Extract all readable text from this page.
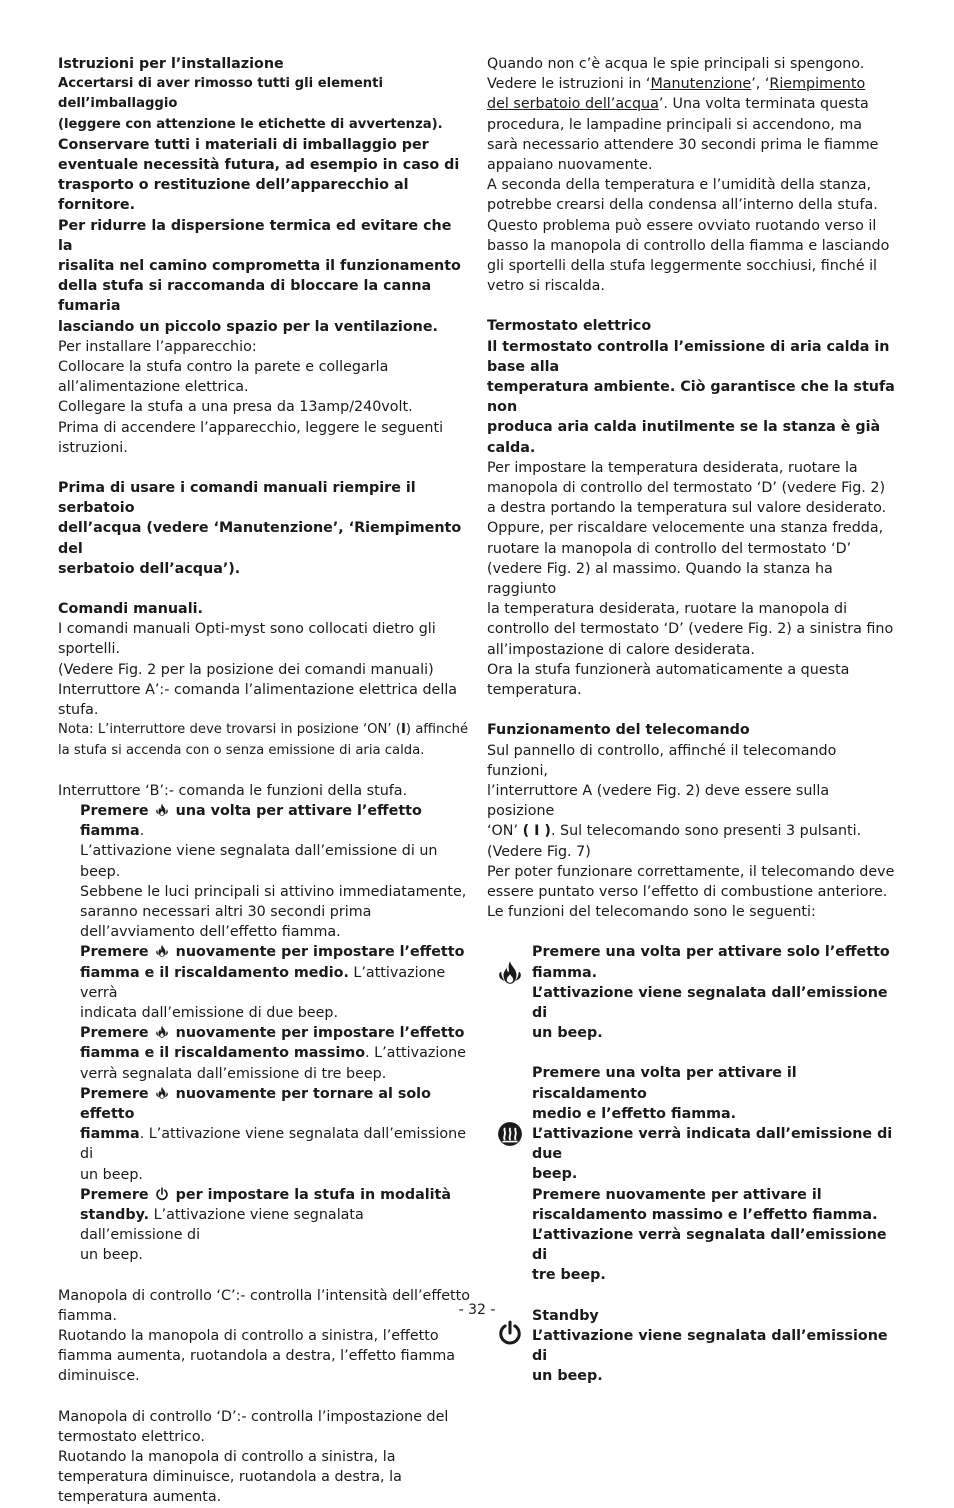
Istruzioni per l’installazione

Accertarsi di aver rimosso tutti gli elementi dell’imballaggio

(leggere con attenzione le etichette di avvertenza).

Conservare tutti i materiali di imballaggio per

eventuale necessità futura, ad esempio in caso di

trasporto o restituzione dell’apparecchio al fornitore.

Per ridurre la dispersione termica ed evitare che la

risalita nel camino comprometta il funzionamento

della stufa si raccomanda di bloccare la canna fumaria

lasciando un piccolo spazio per la ventilazione.

Per installare l’apparecchio:

Collocare la stufa contro la parete e collegarla

all’alimentazione elettrica.

Collegare la stufa a una presa da 13amp/240volt.

Prima di accendere l’apparecchio, leggere le seguenti

istruzioni.

Prima di usare i comandi manuali riempire il serbatoio

dell’acqua (vedere ‘Manutenzione’, ‘Riempimento del

serbatoio dell’acqua’).

Comandi manuali.

I comandi manuali Opti-myst sono collocati dietro gli

sportelli.

(Vedere Fig. 2 per la posizione dei comandi manuali)

Interruttore A’:- comanda l’alimentazione elettrica della

stufa.

Nota: L’interruttore deve trovarsi in posizione ‘ON’ (I) affinché

la stufa si accenda con o senza emissione di aria calda.

Interruttore ‘B’:- comanda le funzioni della stufa.

Premere una volta per attivare l’effetto fiamma.

L’attivazione viene segnalata dall’emissione di un beep.

Sebbene le luci principali si attivino immediatamente,

saranno necessari altri 30 secondi prima

dell’avviamento dell’effetto fiamma.

Premere nuovamente per impostare l’effetto

fiamma e il riscaldamento medio. L’attivazione verrà

indicata dall’emissione di due beep.

Premere nuovamente per impostare l’effetto

fiamma e il riscaldamento massimo. L’attivazione

verrà segnalata dall’emissione di tre beep.

Premere nuovamente per tornare al solo effetto

fiamma. L’attivazione viene segnalata dall’emissione di

un beep.

Premere per impostare la stufa in modalità

standby. L’attivazione viene segnalata dall’emissione di

un beep.

Manopola di controllo ‘C’:- controlla l’intensità dell’effetto

fiamma.

Ruotando la manopola di controllo a sinistra, l’effetto

fiamma aumenta, ruotandola a destra, l’effetto fiamma

diminuisce.

Manopola di controllo ‘D’:- controlla l’impostazione del

termostato elettrico.

Ruotando la manopola di controllo a sinistra, la

temperatura diminuisce, ruotandola a destra, la

temperatura aumenta.

Quando non c’è acqua le spie principali si spengono.

Vedere le istruzioni in ‘Manutenzione’, ‘Riempimento

del serbatoio dell’acqua’. Una volta terminata questa

procedura, le lampadine principali si accendono, ma

sarà necessario attendere 30 secondi prima le fiamme

appaiano nuovamente.

A seconda della temperatura e l’umidità della stanza,

potrebbe crearsi della condensa all’interno della stufa.

Questo problema può essere ovviato ruotando verso il

basso la manopola di controllo della fiamma e lasciando

gli sportelli della stufa leggermente socchiusi, finché il

vetro si riscalda.

Termostato elettrico

Il termostato controlla l’emissione di aria calda in base alla

temperatura ambiente. Ciò garantisce che la stufa non

produca aria calda inutilmente se la stanza è già calda.

Per impostare la temperatura desiderata, ruotare la

manopola di controllo del termostato ‘D’ (vedere Fig. 2)

a destra portando la temperatura sul valore desiderato.

Oppure, per riscaldare velocemente una stanza fredda,

ruotare la manopola di controllo del termostato ‘D’

(vedere Fig. 2) al massimo. Quando la stanza ha raggiunto

la temperatura desiderata, ruotare la manopola di

controllo del termostato ‘D’ (vedere Fig. 2) a sinistra fino

all’impostazione di calore desiderata.

Ora la stufa funzionerà automaticamente a questa

temperatura.

Funzionamento del telecomando

Sul pannello di controllo, affinché il telecomando funzioni,

l’interruttore A (vedere Fig. 2) deve essere sulla posizione

‘ON’ ( I ). Sul telecomando sono presenti 3 pulsanti.

(Vedere Fig. 7)

Per poter funzionare correttamente, il telecomando deve

essere puntato verso l’effetto di combustione anteriore.

Le funzioni del telecomando sono le seguenti:

Premere una volta per attivare solo l’effetto

fiamma.

L’attivazione viene segnalata dall’emissione di

un beep.

Premere una volta per attivare il riscaldamento

medio e l’effetto fiamma.

L’attivazione verrà indicata dall’emissione di due

beep.

Premere nuovamente per attivare il

riscaldamento massimo e l’effetto fiamma.

L’attivazione verrà segnalata dall’emissione di

tre beep.

Standby

L’attivazione viene segnalata dall’emissione di

un beep.

- 32 -
